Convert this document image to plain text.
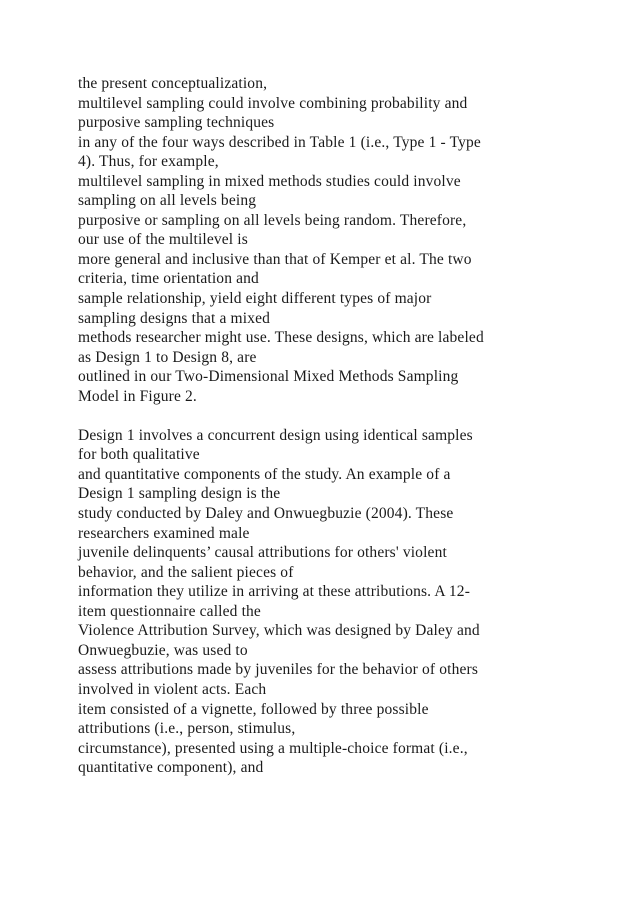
the present conceptualization,
multilevel sampling could involve combining probability and
purposive sampling techniques
in any of the four ways described in Table 1 (i.e., Type 1 - Type
4). Thus, for example,
multilevel sampling in mixed methods studies could involve
sampling on all levels being
purposive or sampling on all levels being random. Therefore,
our use of the multilevel is
more general and inclusive than that of Kemper et al. The two
criteria, time orientation and
sample relationship, yield eight different types of major
sampling designs that a mixed
methods researcher might use. These designs, which are labeled
as Design 1 to Design 8, are
outlined in our Two-Dimensional Mixed Methods Sampling
Model in Figure 2.
Design 1 involves a concurrent design using identical samples
for both qualitative
and quantitative components of the study. An example of a
Design 1 sampling design is the
study conducted by Daley and Onwuegbuzie (2004). These
researchers examined male
juvenile delinquents’ causal attributions for others' violent
behavior, and the salient pieces of
information they utilize in arriving at these attributions. A 12-
item questionnaire called the
Violence Attribution Survey, which was designed by Daley and
Onwuegbuzie, was used to
assess attributions made by juveniles for the behavior of others
involved in violent acts. Each
item consisted of a vignette, followed by three possible
attributions (i.e., person, stimulus,
circumstance), presented using a multiple-choice format (i.e.,
quantitative component), and
